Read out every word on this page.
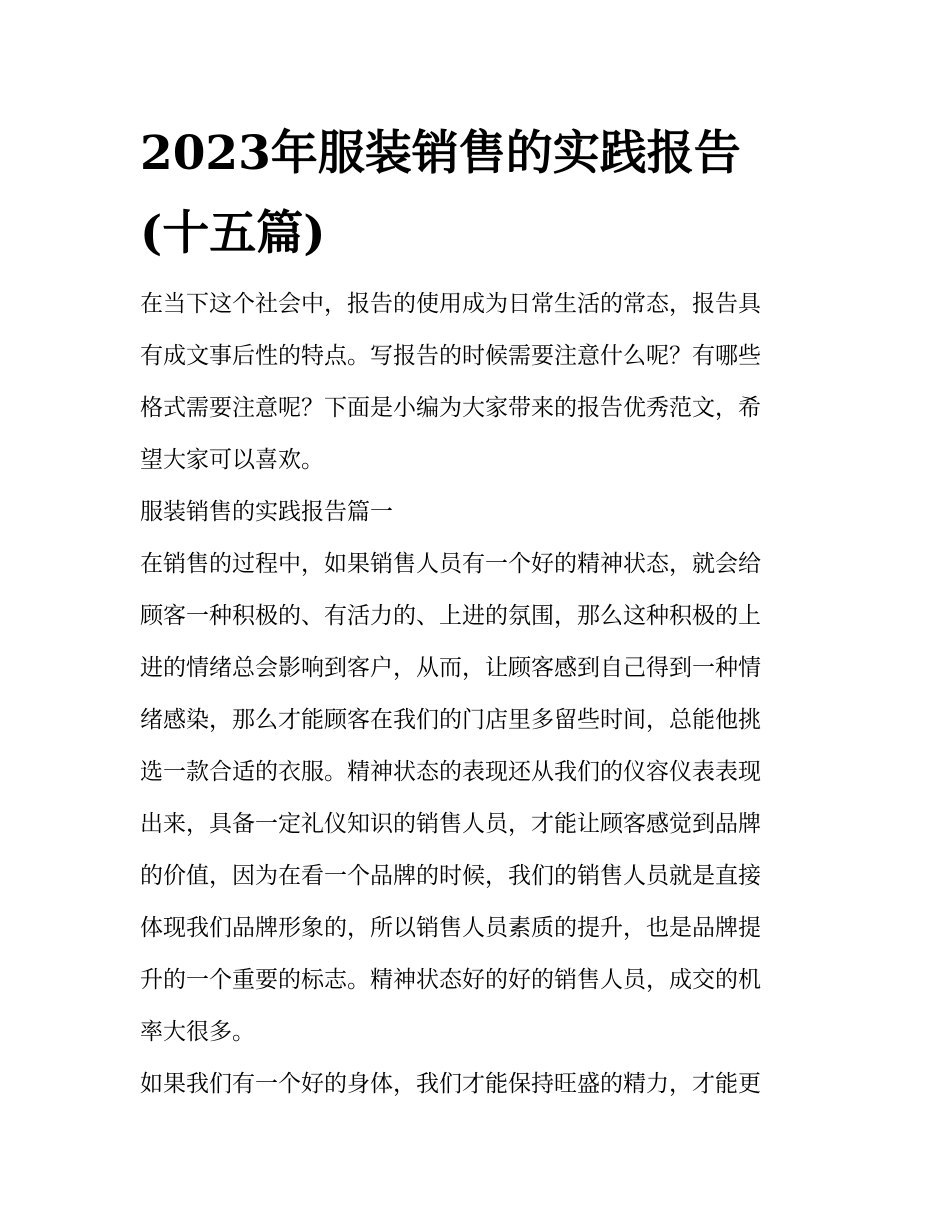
2023年服装销售的实践报告
(十五篇)

在当下这个社会中，报告的使用成为日常生活的常态，报告具
有成文事后性的特点。写报告的时候需要注意什么呢？有哪些
格式需要注意呢？下面是小编为大家带来的报告优秀范文，希
望大家可以喜欢。

服装销售的实践报告篇一

在销售的过程中，如果销售人员有一个好的精神状态，就会给
顾客一种积极的、有活力的、上进的氛围，那么这种积极的上
进的情绪总会影响到客户，从而，让顾客感到自己得到一种情
绪感染，那么才能顾客在我们的门店里多留些时间，总能他挑
选一款合适的衣服。精神状态的表现还从我们的仪容仪表表现
出来，具备一定礼仪知识的销售人员，才能让顾客感觉到品牌
的价值，因为在看一个品牌的时候，我们的销售人员就是直接
体现我们品牌形象的，所以销售人员素质的提升，也是品牌提
升的一个重要的标志。精神状态好的好的销售人员，成交的机
率大很多。

如果我们有一个好的身体，我们才能保持旺盛的精力，才能更
